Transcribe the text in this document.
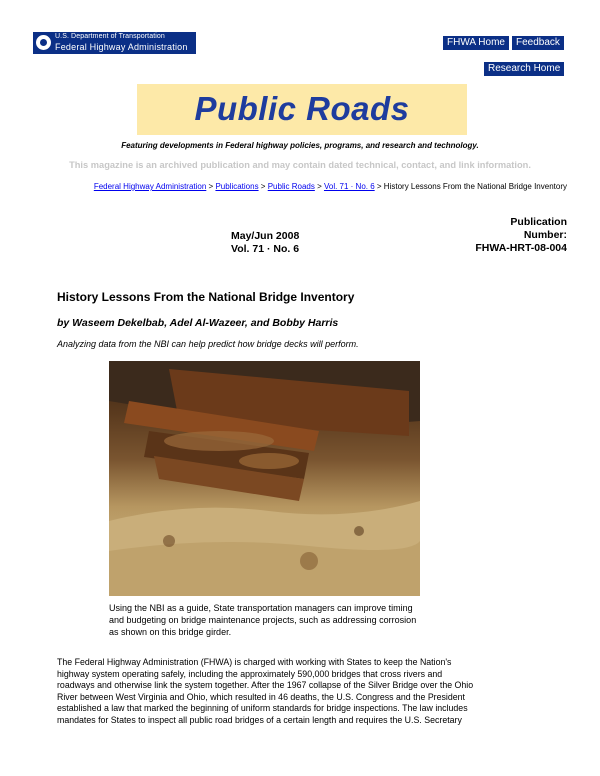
U.S. Department of Transportation
Federal Highway Administration	FHWA Home	Feedback
Research Home
Public Roads
Featuring developments in Federal highway policies, programs, and research and technology.
This magazine is an archived publication and may contain dated technical, contact, and link information.
Federal Highway Administration > Publications > Public Roads > Vol. 71 · No. 6 > History Lessons From the National Bridge Inventory
May/Jun 2008
Vol. 71 · No. 6
Publication Number:
FHWA-HRT-08-004
History Lessons From the National Bridge Inventory
by Waseem Dekelbab, Adel Al-Wazeer, and Bobby Harris
Analyzing data from the NBI can help predict how bridge decks will perform.
Using the NBI as a guide, State transportation managers can improve timing and budgeting on bridge maintenance projects, such as addressing corrosion as shown on this bridge girder.
The Federal Highway Administration (FHWA) is charged with working with States to keep the Nation's highway system operating safely, including the approximately 590,000 bridges that cross rivers and roadways and otherwise link the system together. After the 1967 collapse of the Silver Bridge over the Ohio River between West Virginia and Ohio, which resulted in 46 deaths, the U.S. Congress and the President established a law that marked the beginning of uniform standards for bridge inspections. The law includes mandates for States to inspect all public road bridges of a certain length and requires the U.S. Secretary
